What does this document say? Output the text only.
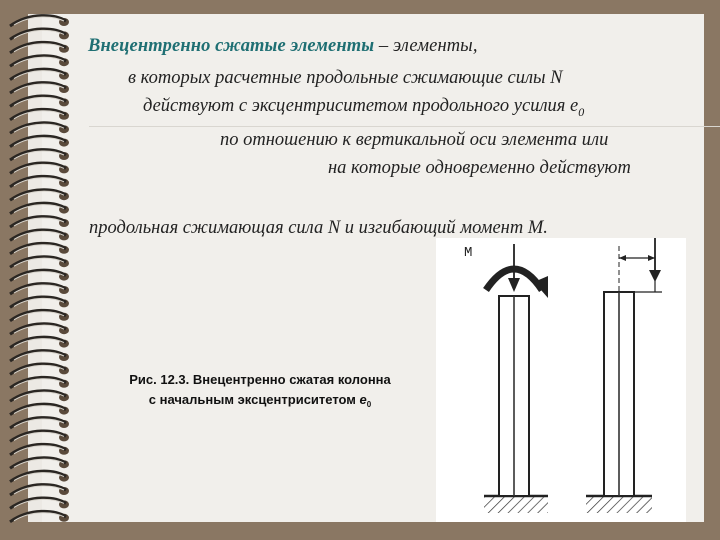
Внецентренно сжатые элементы – элементы,
в которых расчетные продольные сжимающие силы N
действуют с эксцентриситетом продольного усилия $е_0$
по отношению к вертикальной оси элемента или
на которые одновременно действуют
продольная сжимающая сила N и изгибающий момент M.
Рис. 12.3. Внецентренно сжатая колонна
с начальным эксцентриситетом $е_0$
M
